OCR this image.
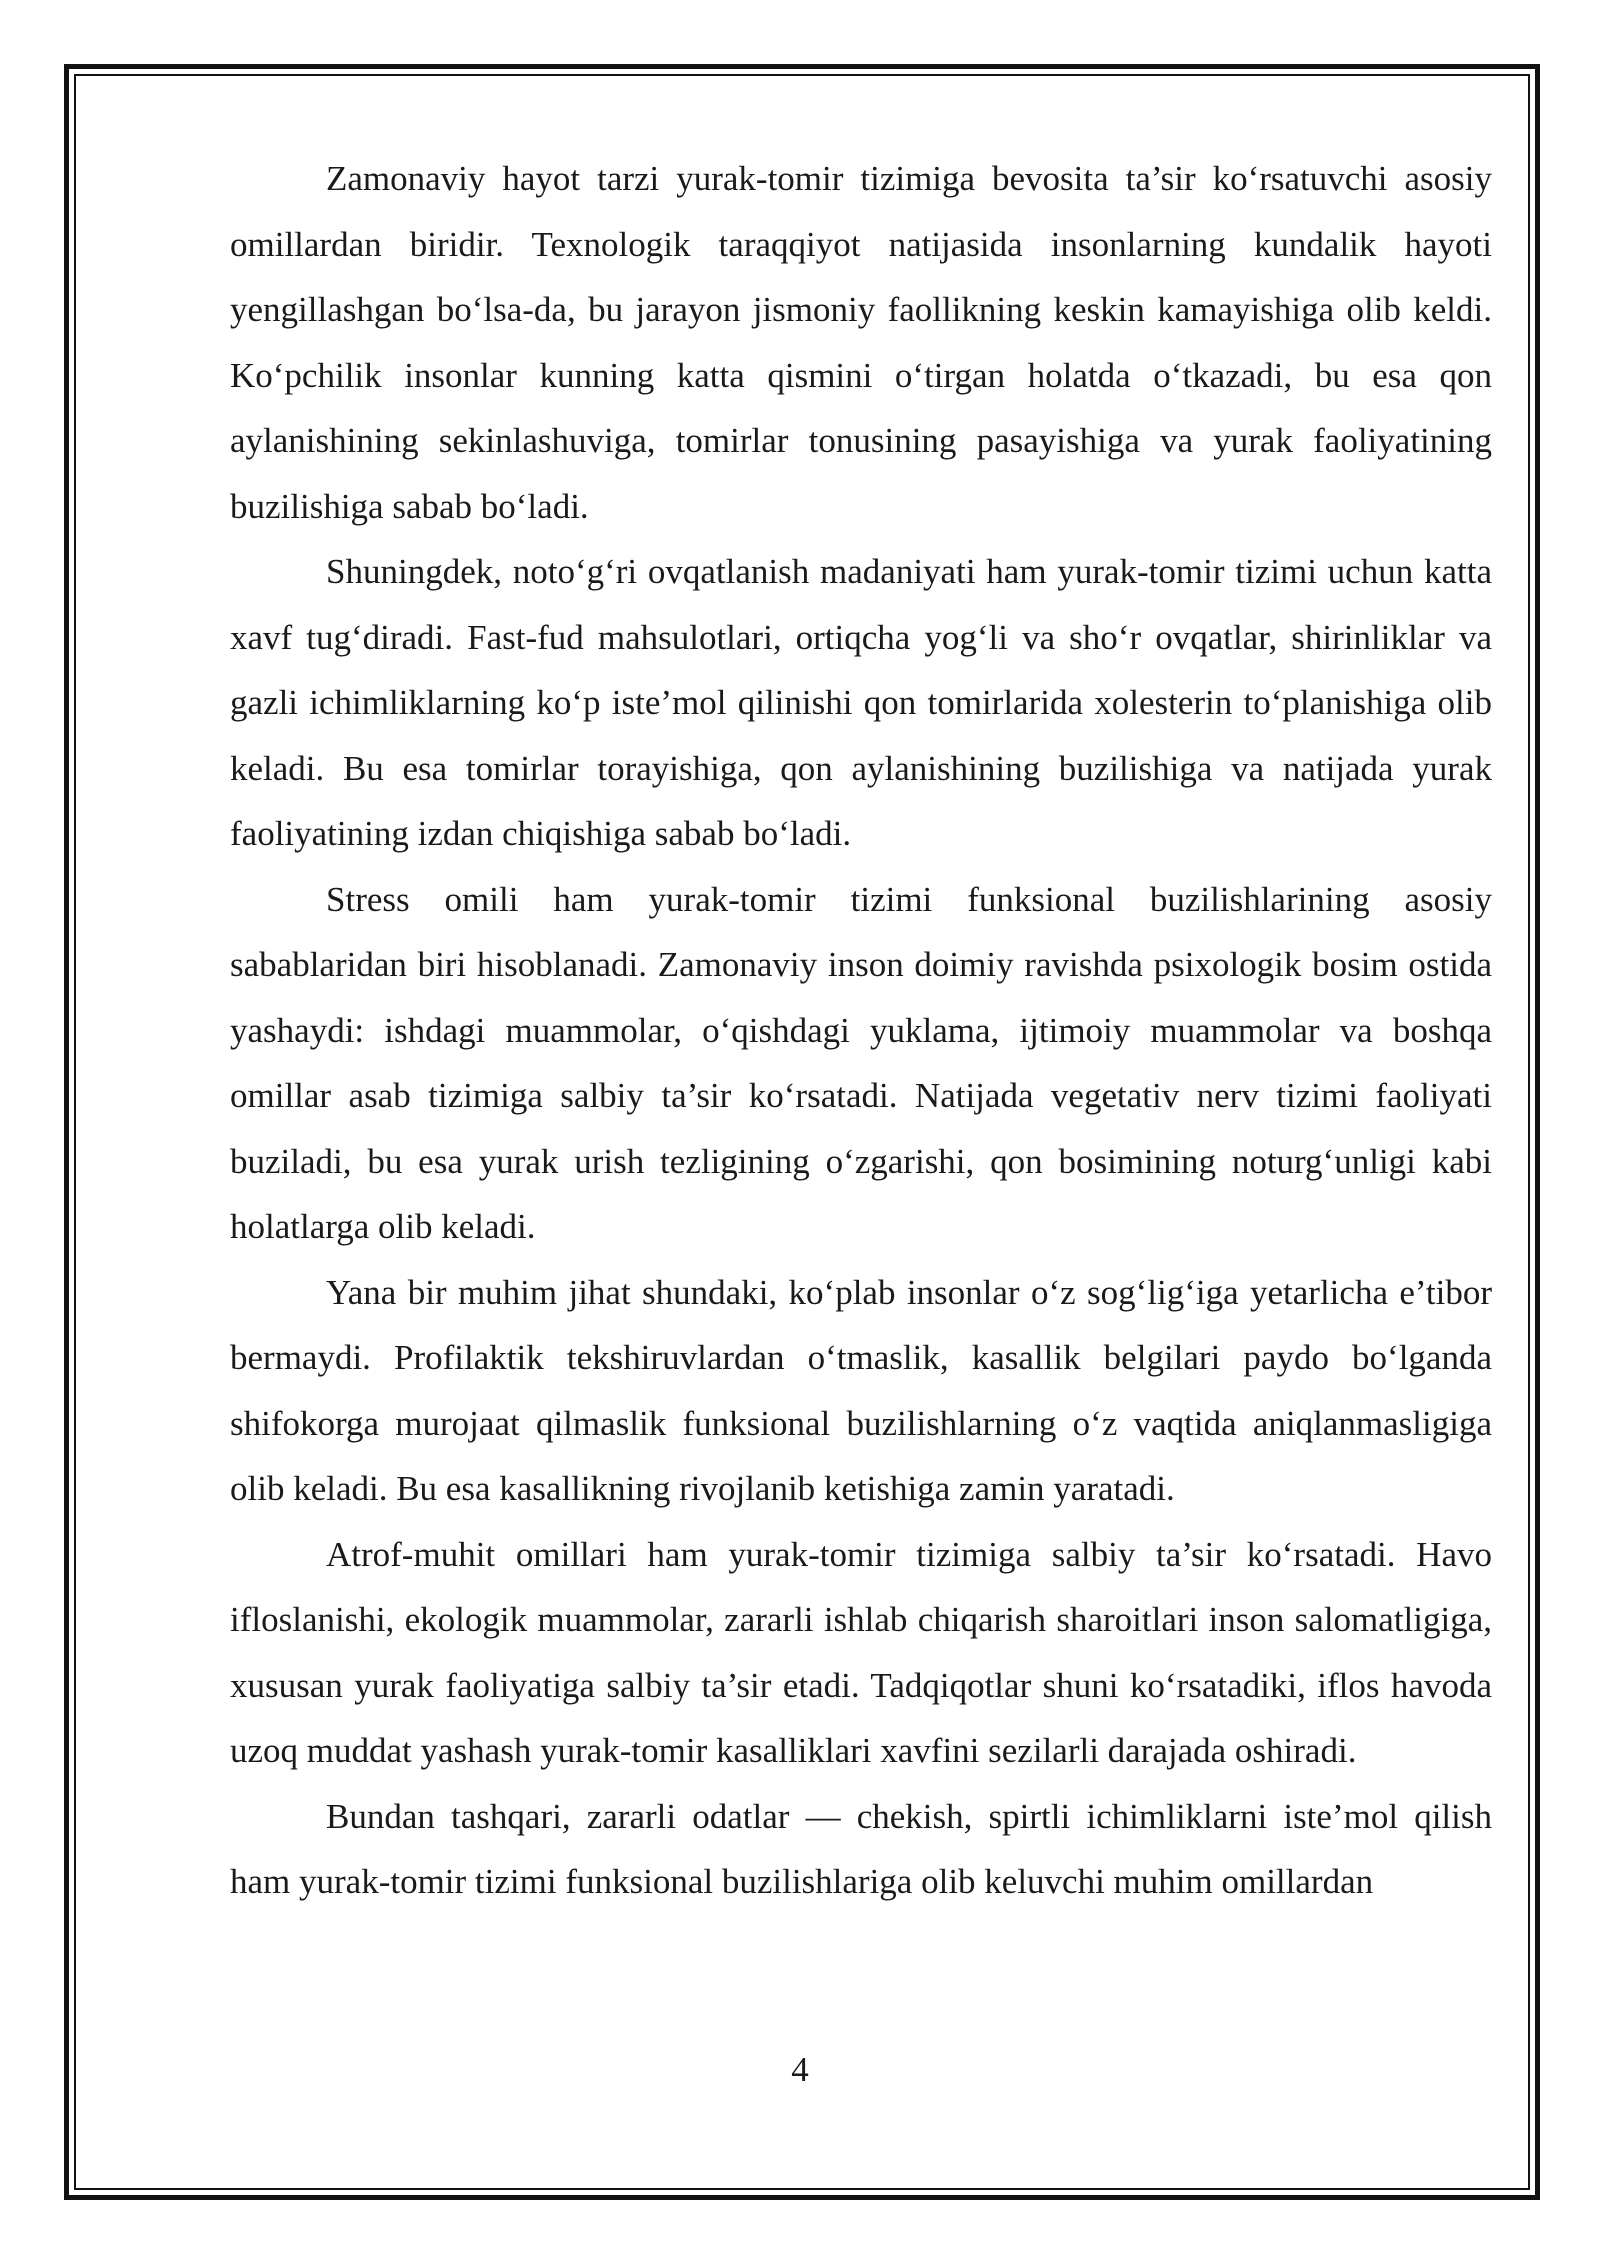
Zamonaviy hayot tarzi yurak-tomir tizimiga bevosita ta’sir ko‘rsatuvchi asosiy omillardan biridir. Texnologik taraqqiyot natijasida insonlarning kundalik hayoti yengillashgan bo‘lsa-da, bu jarayon jismoniy faollikning keskin kamayishiga olib keldi. Ko‘pchilik insonlar kunning katta qismini o‘tirgan holatda o‘tkazadi, bu esa qon aylanishining sekinlashuviga, tomirlar tonusining pasayishiga va yurak faoliyatining buzilishiga sabab bo‘ladi.

Shuningdek, noto‘g‘ri ovqatlanish madaniyati ham yurak-tomir tizimi uchun katta xavf tug‘diradi. Fast-fud mahsulotlari, ortiqcha yog‘li va sho‘r ovqatlar, shirinliklar va gazli ichimliklarning ko‘p iste’mol qilinishi qon tomirlarida xolesterin to‘planishiga olib keladi. Bu esa tomirlar torayishiga, qon aylanishining buzilishiga va natijada yurak faoliyatining izdan chiqishiga sabab bo‘ladi.

Stress omili ham yurak-tomir tizimi funksional buzilishlarining asosiy sabablaridan biri hisoblanadi. Zamonaviy inson doimiy ravishda psixologik bosim ostida yashaydi: ishdagi muammolar, o‘qishdagi yuklama, ijtimoiy muammolar va boshqa omillar asab tizimiga salbiy ta’sir ko‘rsatadi. Natijada vegetativ nerv tizimi faoliyati buziladi, bu esa yurak urish tezligining o‘zgarishi, qon bosimining noturg‘unligi kabi holatlarga olib keladi.

Yana bir muhim jihat shundaki, ko‘plab insonlar o‘z sog‘lig‘iga yetarlicha e’tibor bermaydi. Profilaktik tekshiruvlardan o‘tmaslik, kasallik belgilari paydo bo‘lganda shifokorga murojaat qilmaslik funksional buzilishlarning o‘z vaqtida aniqlanmasligiga olib keladi. Bu esa kasallikning rivojlanib ketishiga zamin yaratadi.

Atrof-muhit omillari ham yurak-tomir tizimiga salbiy ta’sir ko‘rsatadi. Havo ifloslanishi, ekologik muammolar, zararli ishlab chiqarish sharoitlari inson salomatligiga, xususan yurak faoliyatiga salbiy ta’sir etadi. Tadqiqotlar shuni ko‘rsatadiki, iflos havoda uzoq muddat yashash yurak-tomir kasalliklari xavfini sezilarli darajada oshiradi.

Bundan tashqari, zararli odatlar — chekish, spirtli ichimliklarni iste’mol qilish ham yurak-tomir tizimi funksional buzilishlariga olib keluvchi muhim omillardan

4
